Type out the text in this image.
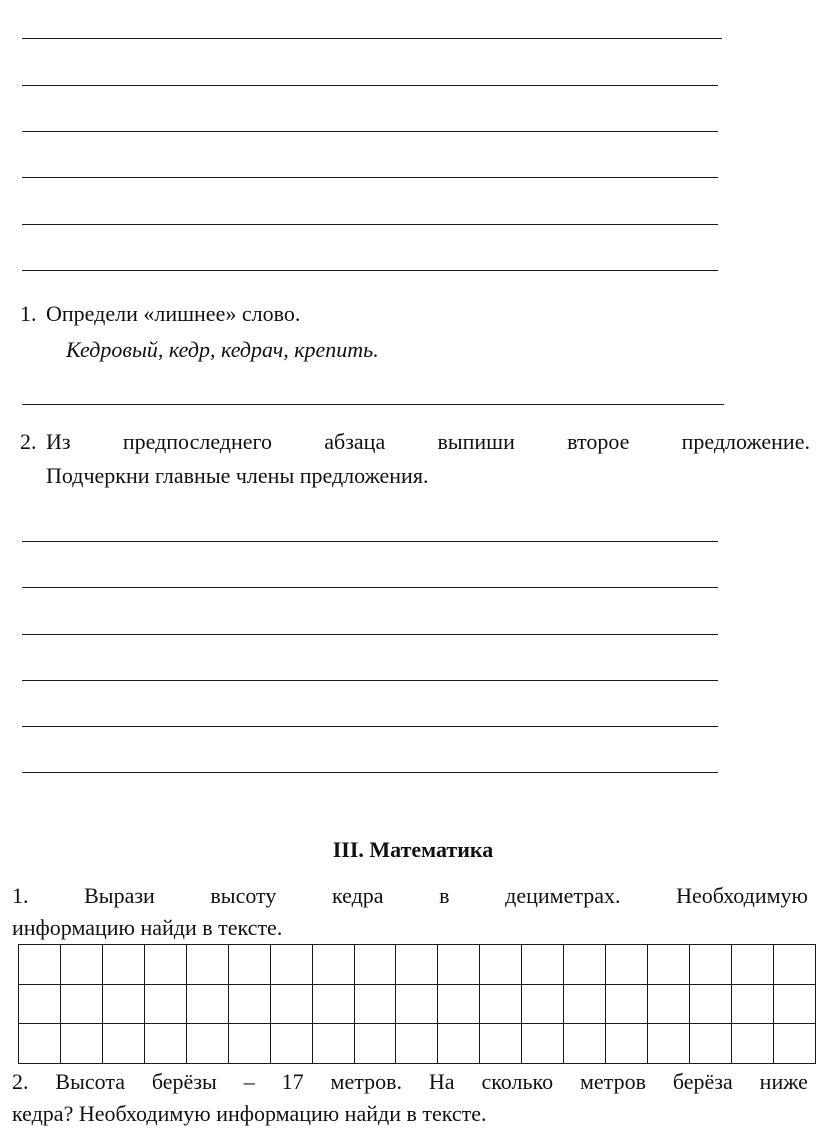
1. Определи «лишнее» слово.
Кедровый, кедр, кедрач, крепить.
2. Из предпоследнего абзаца выпиши второе предложение.
Подчеркни главные члены предложения.
III. Математика
1.	Вырази	высоту	кедра	в	дециметрах.	Необходимую
информацию найди в тексте.

2. Высота берёзы – 17 метров. На сколько метров берёза ниже
кедра? Необходимую информацию найди в тексте.
